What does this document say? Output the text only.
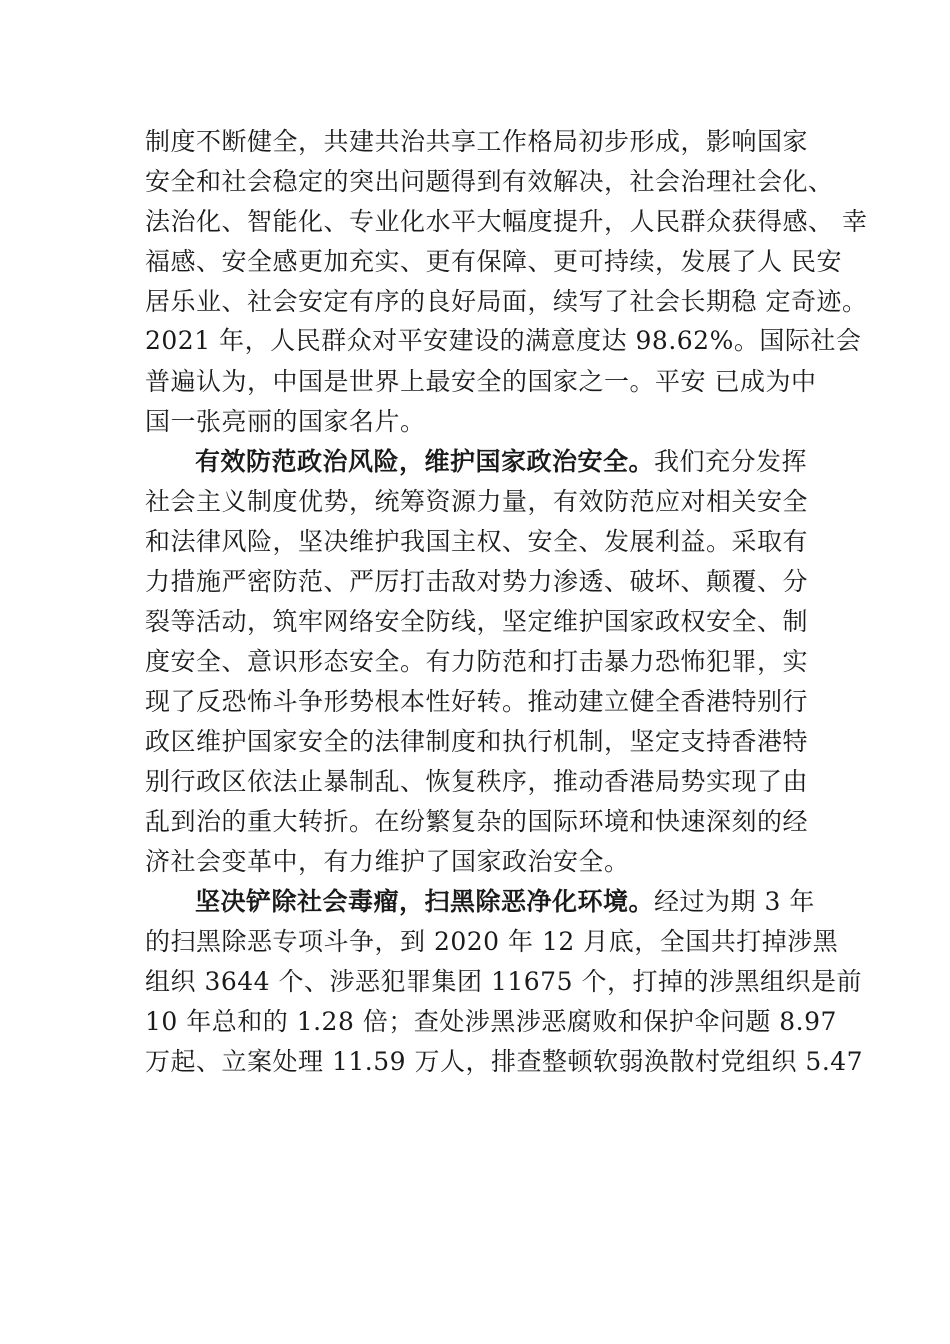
制度不断健全，共建共治共享工作格局初步形成，影响国家
安全和社会稳定的突出问题得到有效解决，社会治理社会化、
法治化、智能化、专业化水平大幅度提升，人民群众获得感、 幸
福感、安全感更加充实、更有保障、更可持续，发展了人 民安
居乐业、社会安定有序的良好局面，续写了社会长期稳 定奇迹。
2021 年，人民群众对平安建设的满意度达 98.62%。国际社会
普遍认为，中国是世界上最安全的国家之一。平安 已成为中
国一张亮丽的国家名片。
有效防范政治风险，维护国家政治安全。我们充分发挥
社会主义制度优势，统筹资源力量，有效防范应对相关安全
和法律风险，坚决维护我国主权、安全、发展利益。采取有
力措施严密防范、严厉打击敌对势力渗透、破坏、颠覆、分
裂等活动，筑牢网络安全防线，坚定维护国家政权安全、制
度安全、意识形态安全。有力防范和打击暴力恐怖犯罪，实
现了反恐怖斗争形势根本性好转。推动建立健全香港特别行
政区维护国家安全的法律制度和执行机制，坚定支持香港特
别行政区依法止暴制乱、恢复秩序，推动香港局势实现了由
乱到治的重大转折。在纷繁复杂的国际环境和快速深刻的经
济社会变革中，有力维护了国家政治安全。
坚决铲除社会毒瘤，扫黑除恶净化环境。经过为期 3 年
的扫黑除恶专项斗争，到 2020 年 12 月底，全国共打掉涉黑
组织 3644 个、涉恶犯罪集团 11675 个，打掉的涉黑组织是前
10 年总和的 1.28 倍；查处涉黑涉恶腐败和保护伞问题 8.97
万起、立案处理 11.59 万人，排查整顿软弱涣散村党组织 5.47
